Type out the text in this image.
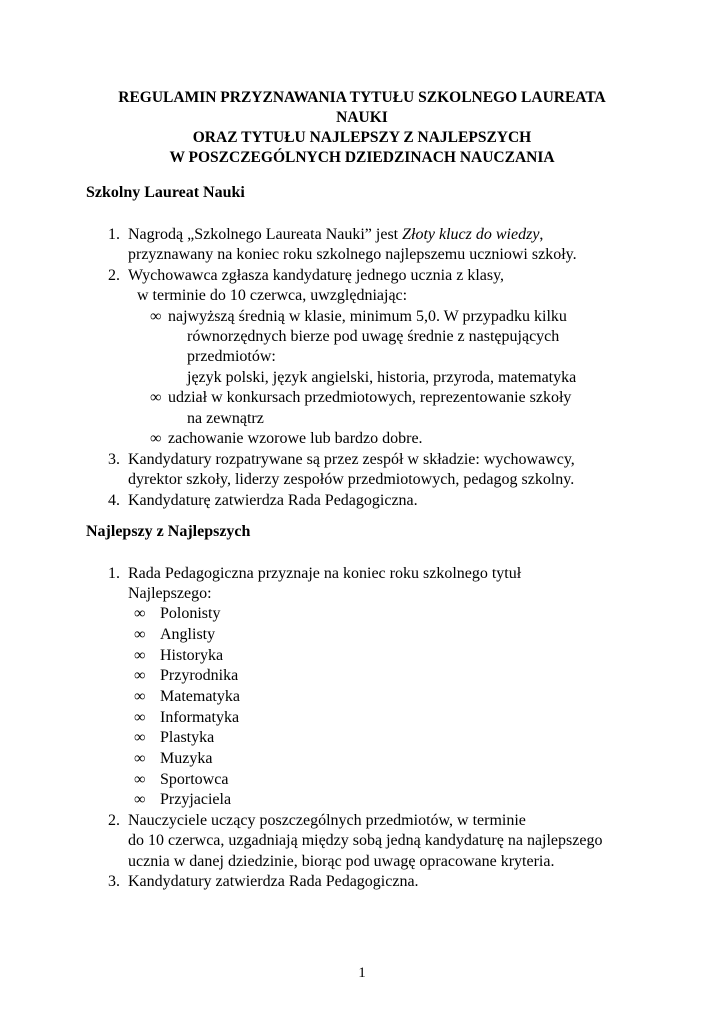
REGULAMIN PRZYZNAWANIA TYTUŁU SZKOLNEGO LAUREATA
NAUKI
ORAZ TYTUŁU NAJLEPSZY Z NAJLEPSZYCH
W POSZCZEGÓLNYCH DZIEDZINACH NAUCZANIA
Szkolny Laureat Nauki
1. Nagrodą „Szkolnego Laureata Nauki” jest Złoty klucz do wiedzy,
przyznawany na koniec roku szkolnego najlepszemu uczniowi szkoły.
2. Wychowawca zgłasza kandydaturę jednego ucznia z klasy,
w terminie do 10 czerwca, uwzględniając:
∞ najwyższą średnią w klasie, minimum 5,0. W przypadku kilku
równorzędnych bierze pod uwagę średnie z następujących
przedmiotów:
język polski, język angielski, historia, przyroda, matematyka
∞ udział w konkursach przedmiotowych, reprezentowanie szkoły
na zewnątrz
∞ zachowanie wzorowe lub bardzo dobre.
3. Kandydatury rozpatrywane są przez zespół w składzie: wychowawcy,
dyrektor szkoły, liderzy zespołów przedmiotowych, pedagog szkolny.
4. Kandydaturę zatwierdza Rada Pedagogiczna.
Najlepszy z Najlepszych
1. Rada Pedagogiczna przyznaje na koniec roku szkolnego tytuł
Najlepszego:
∞ Polonisty
∞ Anglisty
∞ Historyka
∞ Przyrodnika
∞ Matematyka
∞ Informatyka
∞ Plastyka
∞ Muzyka
∞ Sportowca
∞ Przyjaciela
2. Nauczyciele uczący poszczególnych przedmiotów, w terminie
do 10 czerwca, uzgadniają między sobą jedną kandydaturę na najlepszego
ucznia w danej dziedzinie, biorąc pod uwagę opracowane kryteria.
3. Kandydatury zatwierdza Rada Pedagogiczna.
1
